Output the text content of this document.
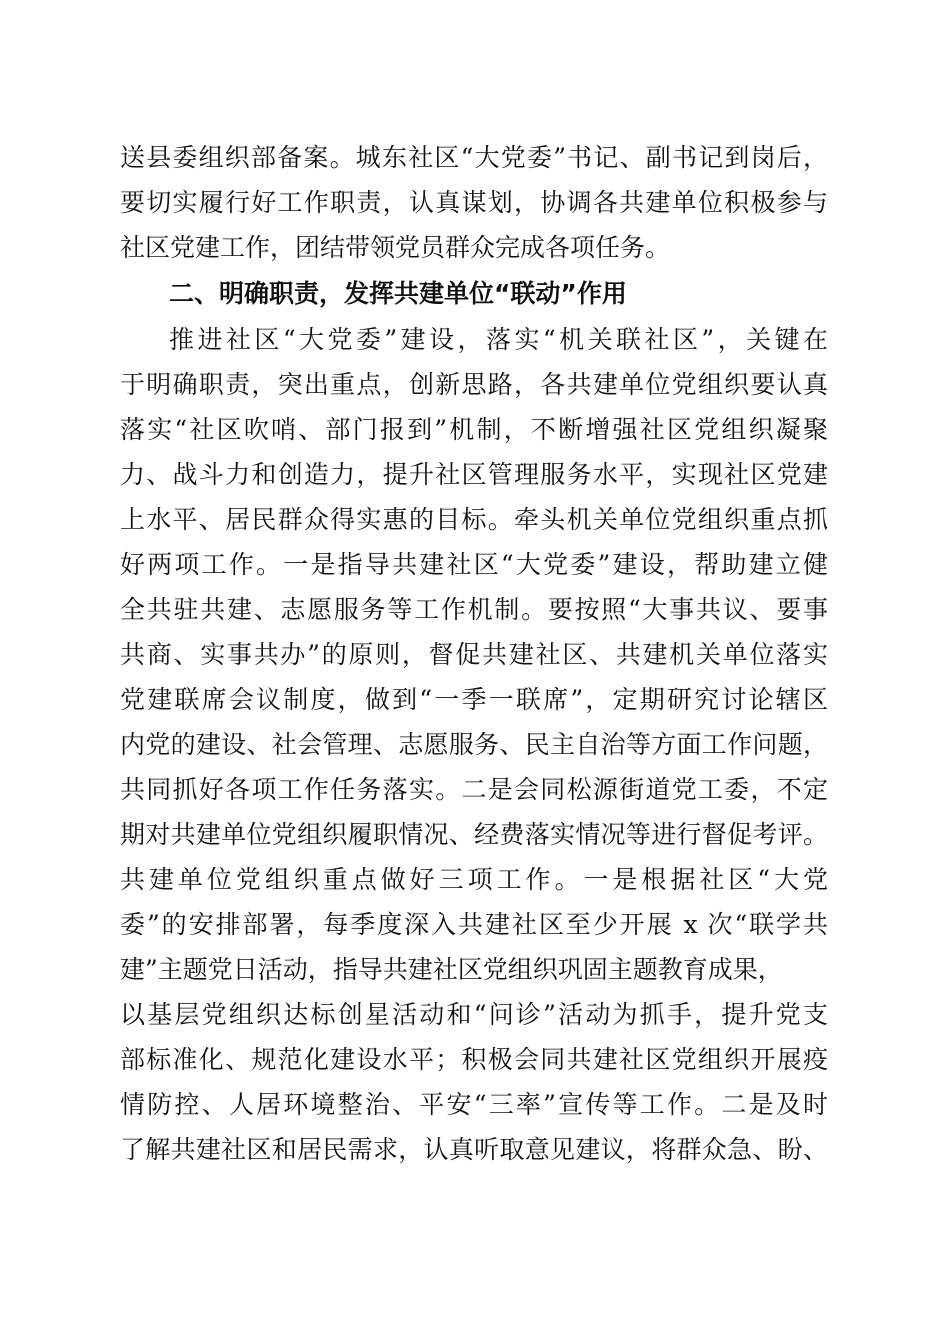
送县委组织部备案。城东社区“大党委”书记、副书记到岗后，
要切实履行好工作职责，认真谋划，协调各共建单位积极参与
社区党建工作，团结带领党员群众完成各项任务。
二、明确职责，发挥共建单位“联动”作用
推进社区“大党委”建设，落实“机关联社区”，关键在
于明确职责，突出重点，创新思路，各共建单位党组织要认真
落实“社区吹哨、部门报到”机制，不断增强社区党组织凝聚
力、战斗力和创造力，提升社区管理服务水平，实现社区党建
上水平、居民群众得实惠的目标。牵头机关单位党组织重点抓
好两项工作。一是指导共建社区“大党委”建设，帮助建立健
全共驻共建、志愿服务等工作机制。要按照“大事共议、要事
共商、实事共办”的原则，督促共建社区、共建机关单位落实
党建联席会议制度，做到“一季一联席”，定期研究讨论辖区
内党的建设、社会管理、志愿服务、民主自治等方面工作问题，
共同抓好各项工作任务落实。二是会同松源街道党工委，不定
期对共建单位党组织履职情况、经费落实情况等进行督促考评。
共建单位党组织重点做好三项工作。一是根据社区“大党
委”的安排部署，每季度深入共建社区至少开展 x 次“联学共
建”主题党日活动，指导共建社区党组织巩固主题教育成果，
以基层党组织达标创星活动和“问诊”活动为抓手，提升党支
部标准化、规范化建设水平；积极会同共建社区党组织开展疫
情防控、人居环境整治、平安“三率”宣传等工作。二是及时
了解共建社区和居民需求，认真听取意见建议，将群众急、盼、
